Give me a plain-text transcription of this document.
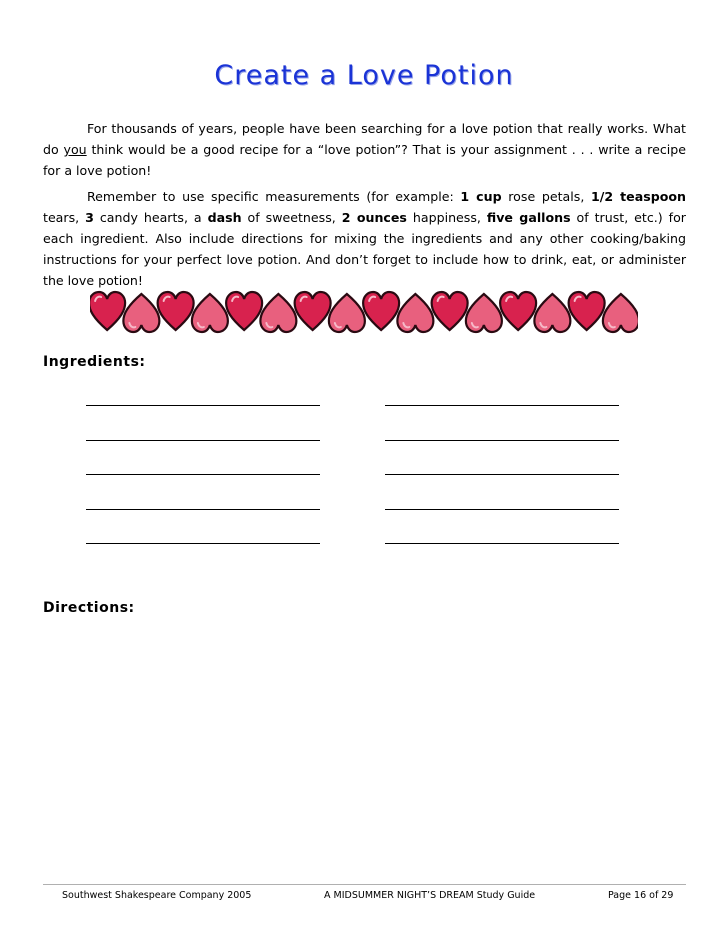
Create a Love Potion

For thousands of years, people have been searching for a love potion that really works. What do you think would be a good recipe for a “love potion”? That is your assignment . . . write a recipe for a love potion!

Remember to use specific measurements (for example: 1 cup rose petals, 1/2 teaspoon tears, 3 candy hearts, a dash of sweetness, 2 ounces happiness, five gallons of trust, etc.) for each ingredient. Also include directions for mixing the ingredients and any other cooking/baking instructions for your perfect love potion. And don’t forget to include how to drink, eat, or administer the love potion!

Ingredients:
Directions:
Southwest Shakespeare Company 2005	A MIDSUMMER NIGHT’S DREAM Study Guide	Page 16 of 29
